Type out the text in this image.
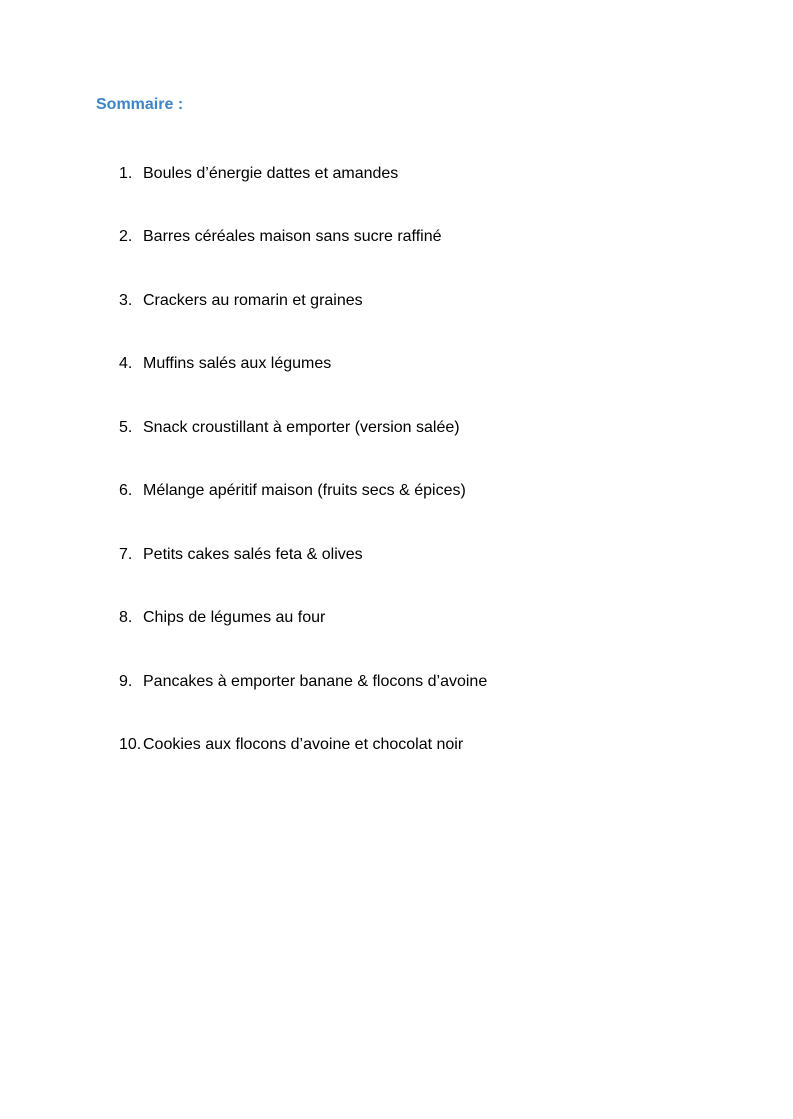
Sommaire :
1. Boules d’énergie dattes et amandes
2. Barres céréales maison sans sucre raffiné
3. Crackers au romarin et graines
4. Muffins salés aux légumes
5. Snack croustillant à emporter (version salée)
6. Mélange apéritif maison (fruits secs & épices)
7. Petits cakes salés feta & olives
8. Chips de légumes au four
9. Pancakes à emporter banane & flocons d’avoine
10. Cookies aux flocons d’avoine et chocolat noir
